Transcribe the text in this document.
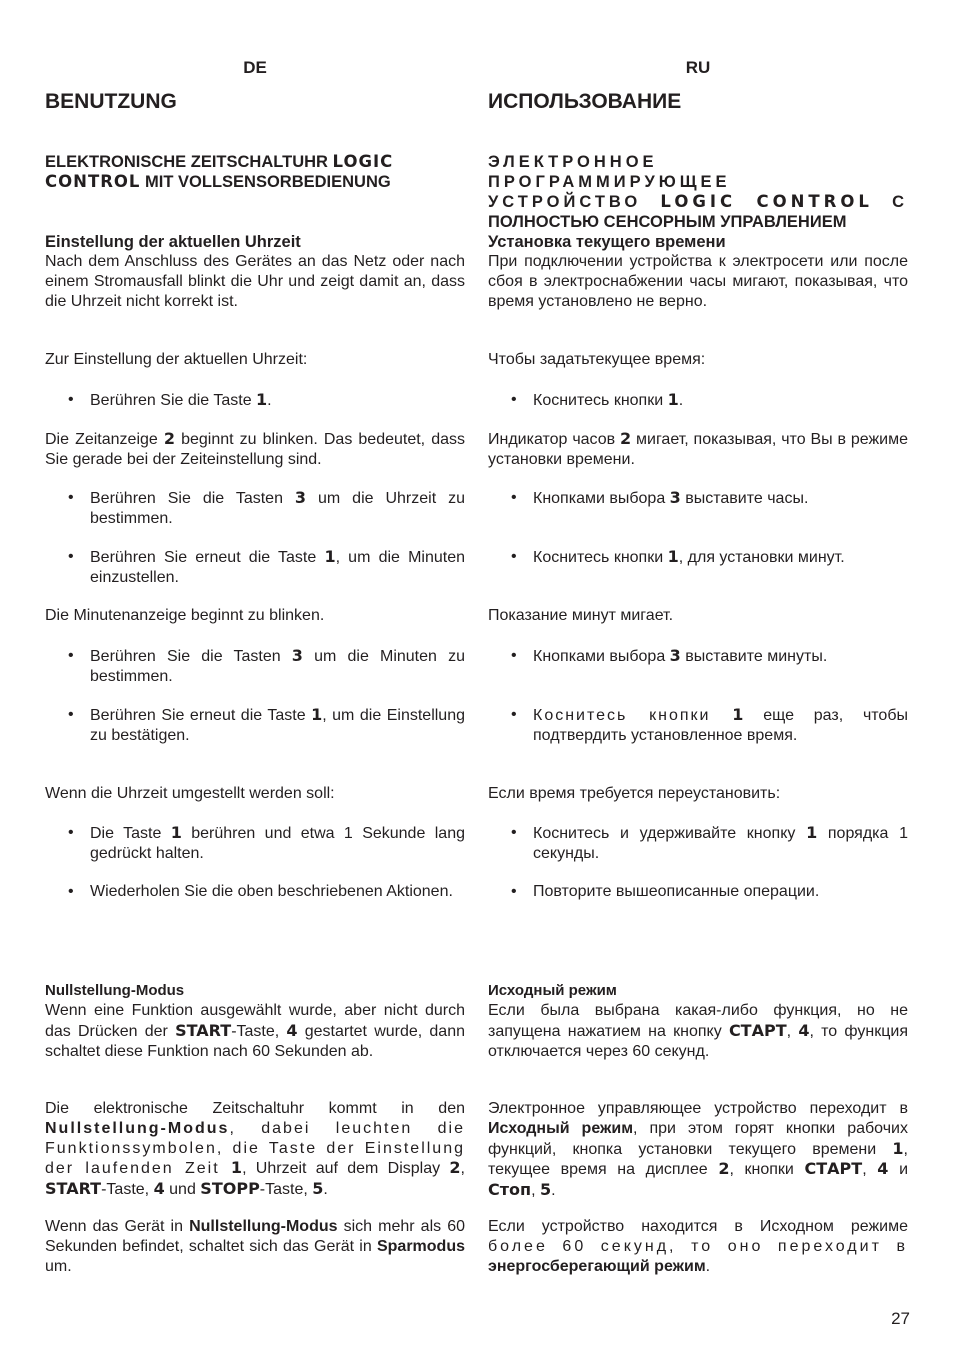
DE
BENUTZUNG
ELEKTRONISCHE ZEITSCHALTUHR LOGIC
CONTROL MIT VOLLSENSORBEDIENUNG
Einstellung der aktuellen Uhrzeit
Nach dem Anschluss des Gerätes an das Netz oder nach einem Stromausfall blinkt die Uhr und zeigt damit an, dass die Uhrzeit nicht korrekt ist.
Zur Einstellung der aktuellen Uhrzeit:
• Berühren Sie die Taste 1.
Die Zeitanzeige 2 beginnt zu blinken. Das bedeutet, dass Sie gerade bei der Zeiteinstellung sind.
• Berühren Sie die Tasten 3 um die Uhrzeit zu bestimmen.
• Berühren Sie erneut die Taste 1, um die Minuten einzustellen.
Die Minutenanzeige beginnt zu blinken.
• Berühren Sie die Tasten 3 um die Minuten zu bestimmen.
• Berühren Sie erneut die Taste 1, um die Einstellung zu bestätigen.
Wenn die Uhrzeit umgestellt werden soll:
• Die Taste 1 berühren und etwa 1 Sekunde lang gedrückt halten.
• Wiederholen Sie die oben beschriebenen Aktionen.
Nullstellung-Modus
Wenn eine Funktion ausgewählt wurde, aber nicht durch das Drücken der START-Taste, 4 gestartet wurde, dann schaltet diese Funktion nach 60 Sekunden ab.
Die elektronische Zeitschaltuhr kommt in den Nullstellung-Modus, dabei leuchten die Funktionssymbolen, die Taste der Einstellung der laufenden Zeit 1, Uhrzeit auf dem Display 2, START-Taste, 4 und STOPP-Taste, 5.
Wenn das Gerät in Nullstellung-Modus sich mehr als 60 Sekunden befindet, schaltet sich das Gerät in Sparmodus um.
RU
ИСПОЛЬЗОВАНИЕ
ЭЛЕКТРОННОЕ ПРОГРАММИРУЮЩЕЕ
УСТРОЙСТВО LOGIC CONTROL С
ПОЛНОСТЬЮ СЕНСОРНЫМ УПРАВЛЕНИЕМ
Установка текущего времени
При подключении устройства к электросети или после сбоя в электроснабжении часы мигают, показывая, что время установлено не верно.
Чтобы задатьтекущее время:
• Коснитесь кнопки 1.
Индикатор часов 2 мигает, показывая, что Вы в режиме установки времени.
• Кнопками выбора 3 выставите часы.
• Коснитесь кнопки 1, для установки минут.
Показание минут мигает.
• Кнопками выбора 3 выставите минуты.
• Коснитесь кнопки 1 еще раз, чтобы подтвердить установленное время.
Если время требуется переустановить:
• Коснитесь и удерживайте кнопку 1 порядка 1 секунды.
• Повторите вышеописанные операции.
Исходный режим
Если была выбрана какая-либо функция, но не запущена нажатием на кнопку СТАРТ, 4, то функция отключается через 60 секунд.
Электронное управляющее устройство переходит в Исходный режим, при этом горят кнопки рабочих функций, кнопка установки текущего времени 1, текущее время на дисплее 2, кнопки СТАРТ, 4 и Стоп, 5.
Если устройство находится в Исходном режиме более 60 секунд, то оно переходит в энергосберегающий режим.
27
